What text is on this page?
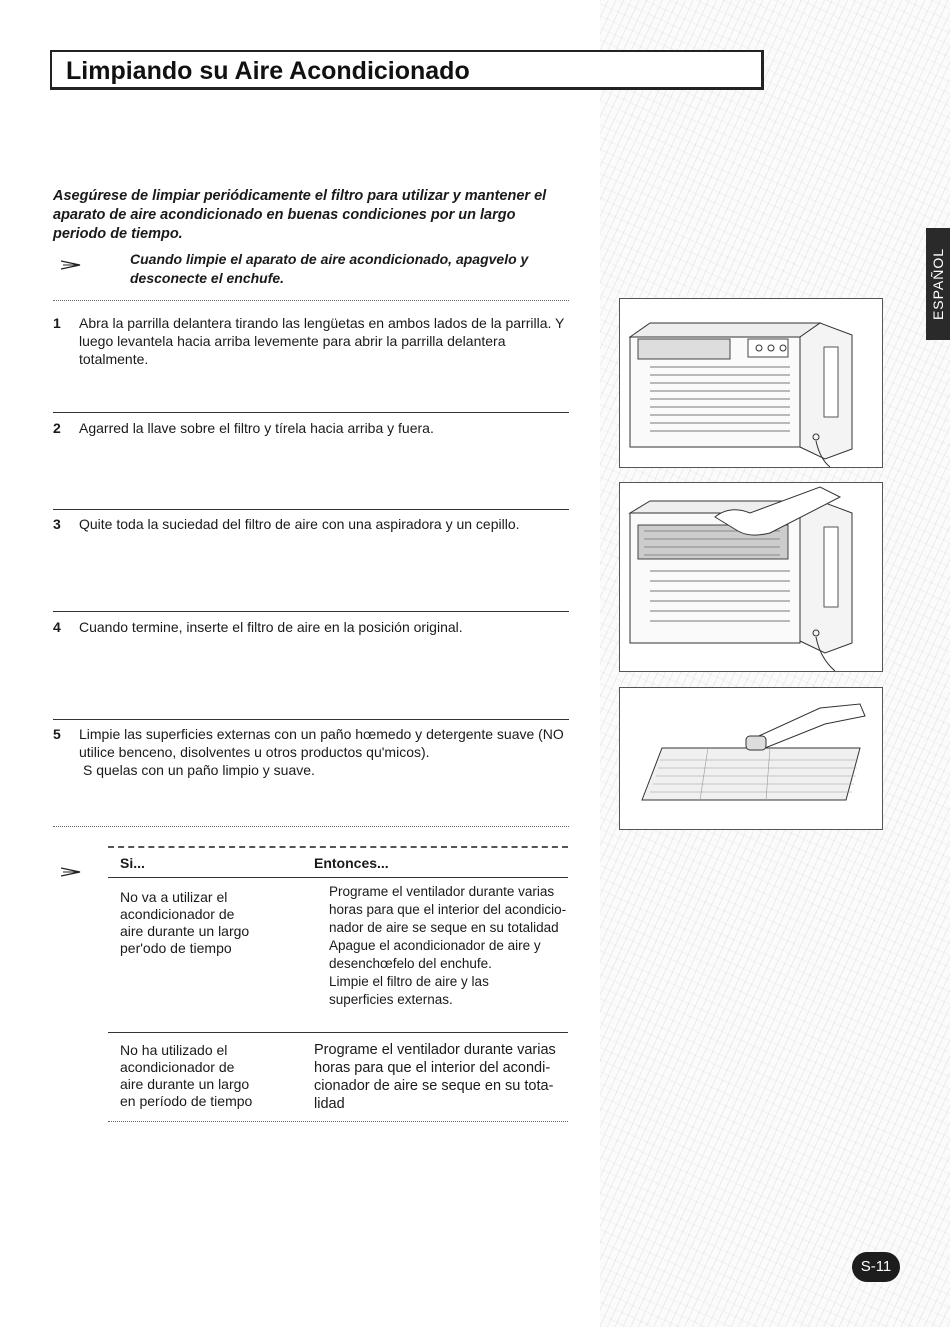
Limpiando su Aire Acondicionado
Asegúrese de limpiar periódicamente el filtro para utilizar y mantener el aparato de aire acondicionado en buenas condiciones por un largo periodo de tiempo.
Cuando limpie el aparato de aire acondicionado, apagvelo y desconecte el enchufe.
1 Abra la parrilla delantera tirando las lengüetas en ambos lados de la parrilla. Y luego levantela hacia arriba levemente para abrir la parrilla delantera totalmente.
2 Agarred la llave sobre el filtro y tírela hacia arriba y fuera.
3 Quite toda la suciedad del filtro de aire con una aspiradora y un cepillo.
4 Cuando termine, inserte el filtro de aire en la posición original.
5 Limpie las superficies externas con un paño hœmedo y detergente suave (NO utilice benceno, disolventes u otros productos qu'micos).
S quelas con un paño limpio y suave.
Si...	Entonces...
No va a utilizar el
acondicionador de
aire durante un largo
per'odo de tiempo
Programe el ventilador durante varias
horas para que el interior del acondicio-
nador de aire se seque en su totalidad
Apague el acondicionador de aire y
desenchœfelo del enchufe.
Limpie el filtro de aire y las
superficies externas.
No ha utilizado el
acondicionador de
aire durante un largo
en período de tiempo
Programe el ventilador durante varias
horas para que el interior del acondi-
cionador de aire se seque en su tota-
lidad
ESPAÑOL
S-11
